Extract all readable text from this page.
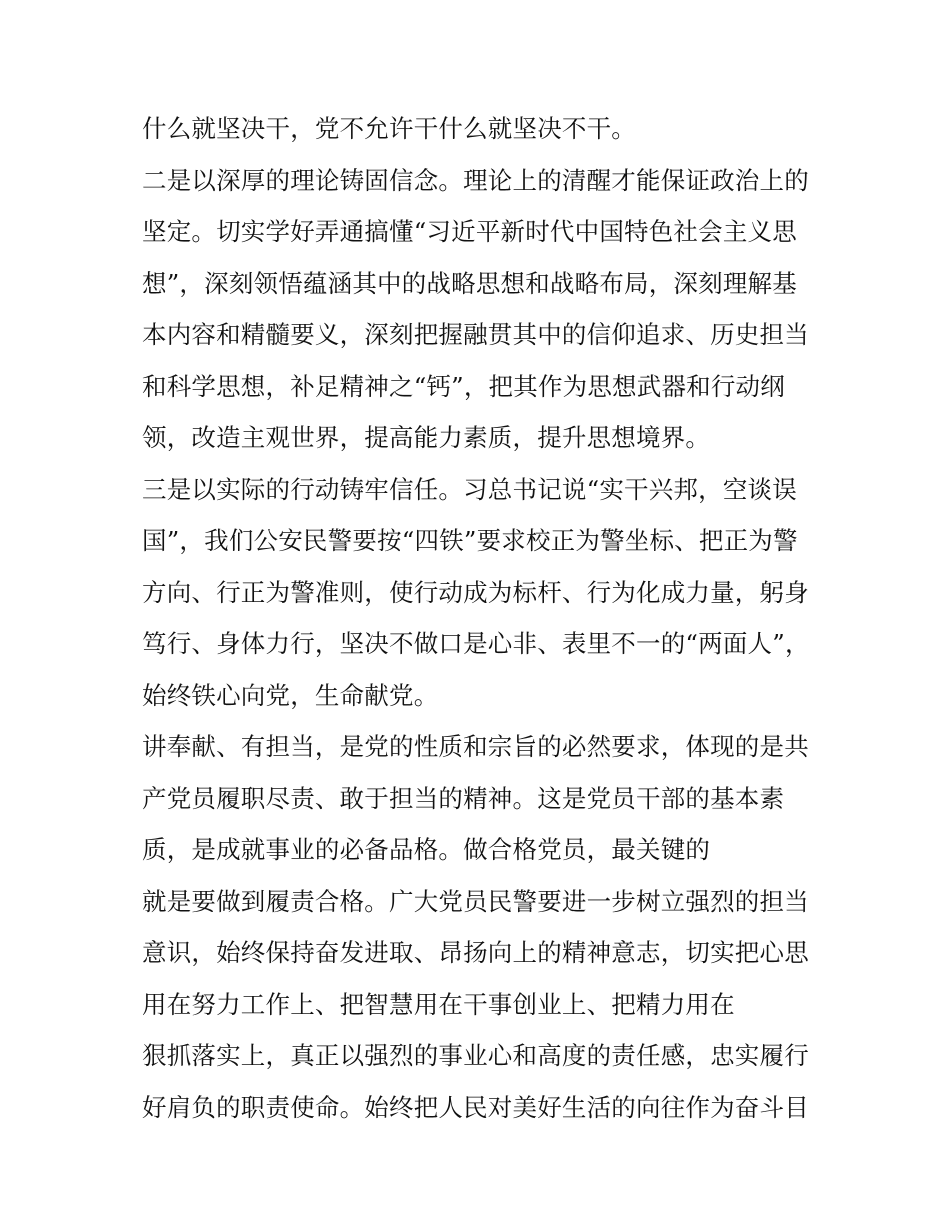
什么就坚决干，党不允许干什么就坚决不干。
二是以深厚的理论铸固信念。理论上的清醒才能保证政治上的
坚定。切实学好弄通搞懂“习近平新时代中国特色社会主义思
想”，深刻领悟蕴涵其中的战略思想和战略布局，深刻理解基
本内容和精髓要义，深刻把握融贯其中的信仰追求、历史担当
和科学思想，补足精神之“钙”，把其作为思想武器和行动纲
领，改造主观世界，提高能力素质，提升思想境界。
三是以实际的行动铸牢信任。习总书记说“实干兴邦，空谈误
国”，我们公安民警要按“四铁”要求校正为警坐标、把正为警
方向、行正为警准则，使行动成为标杆、行为化成力量，躬身
笃行、身体力行，坚决不做口是心非、表里不一的“两面人”，
始终铁心向党，生命献党。
讲奉献、有担当，是党的性质和宗旨的必然要求，体现的是共
产党员履职尽责、敢于担当的精神。这是党员干部的基本素
质，是成就事业的必备品格。做合格党员，最关键的
就是要做到履责合格。广大党员民警要进一步树立强烈的担当
意识，始终保持奋发进取、昂扬向上的精神意志，切实把心思
用在努力工作上、把智慧用在干事创业上、把精力用在
狠抓落实上，真正以强烈的事业心和高度的责任感，忠实履行
好肩负的职责使命。始终把人民对美好生活的向往作为奋斗目
